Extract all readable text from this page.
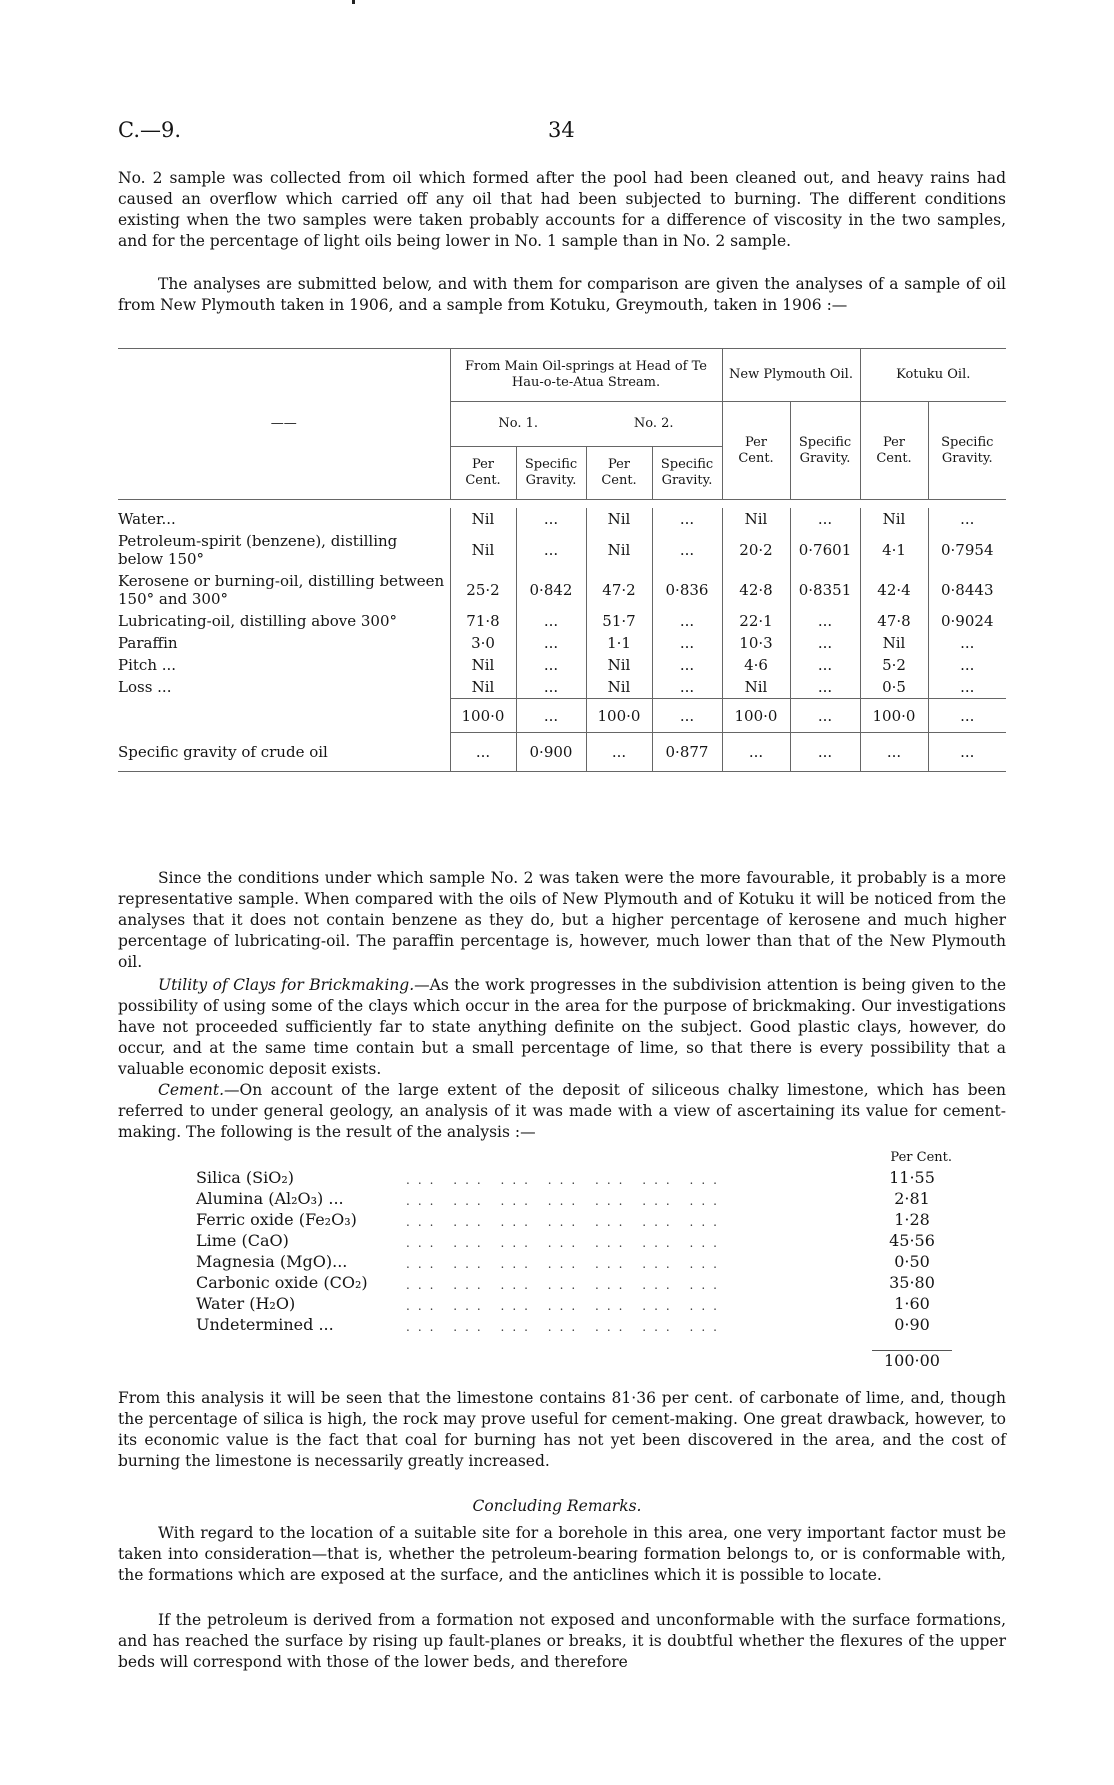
C.—9.	34

No. 2 sample was collected from oil which formed after the pool had been cleaned out, and heavy rains had caused an overflow which carried off any oil that had been subjected to burning. The different conditions existing when the two samples were taken probably accounts for a difference of viscosity in the two samples, and for the percentage of light oils being lower in No. 1 sample than in No. 2 sample.

The analyses are submitted below, and with them for comparison are given the analyses of a sample of oil from New Plymouth taken in 1906, and a sample from Kotuku, Greymouth, taken in 1906 :—

——	From Main Oil-springs at Head of Te Hau-o-te-Atua Stream.				New Plymouth Oil.		Kotuku Oil.	
	No. 1.		No. 2.		Per Cent.	Specific Gravity.	Per Cent.	Specific Gravity.
	Per Cent.	Specific Gravity.	Per Cent.	Specific Gravity.				

Water...	Nil	...	Nil	...	Nil	...	Nil	...
Petroleum-spirit (benzene), distilling below 150°	Nil	...	Nil	...	20·2	0·7601	4·1	0·7954
Kerosene or burning-oil, distilling between 150° and 300°	25·2	0·842	47·2	0·836	42·8	0·8351	42·4	0·8443
Lubricating-oil, distilling above 300°	71·8	...	51·7	...	22·1	...	47·8	0·9024
Paraffin	3·0	...	1·1	...	10·3	...	Nil	...
Pitch ...	Nil	...	Nil	...	4·6	...	5·2	...
Loss ...	Nil	...	Nil	...	Nil	...	0·5	...
	100·0	...	100·0	...	100·0	...	100·0	...
Specific gravity of crude oil	...	0·900	...	0·877	...	...	...	...

Since the conditions under which sample No. 2 was taken were the more favourable, it probably is a more representative sample. When compared with the oils of New Plymouth and of Kotuku it will be noticed from the analyses that it does not contain benzene as they do, but a higher percentage of kerosene and much higher percentage of lubricating-oil. The paraffin percentage is, however, much lower than that of the New Plymouth oil.

Utility of Clays for Brickmaking.—As the work progresses in the subdivision attention is being given to the possibility of using some of the clays which occur in the area for the purpose of brickmaking. Our investigations have not proceeded sufficiently far to state anything definite on the subject. Good plastic clays, however, do occur, and at the same time contain but a small percentage of lime, so that there is every possibility that a valuable economic deposit exists.

Cement.—On account of the large extent of the deposit of siliceous chalky limestone, which has been referred to under general geology, an analysis of it was made with a view of ascertaining its value for cement-making. The following is the result of the analysis :—

Per Cent.
Silica (SiO₂)	... ... ... ... ... ... ...	11·55
Alumina (Al₂O₃) ...	... ... ... ... ... ... ...	2·81
Ferric oxide (Fe₂O₃)	... ... ... ... ... ... ...	1·28
Lime (CaO)	... ... ... ... ... ... ...	45·56
Magnesia (MgO)...	... ... ... ... ... ... ...	0·50
Carbonic oxide (CO₂)	... ... ... ... ... ... ...	35·80
Water (H₂O)	... ... ... ... ... ... ...	1·60
Undetermined ...	... ... ... ... ... ... ...	0·90
100·00

From this analysis it will be seen that the limestone contains 81·36 per cent. of carbonate of lime, and, though the percentage of silica is high, the rock may prove useful for cement-making. One great drawback, however, to its economic value is the fact that coal for burning has not yet been discovered in the area, and the cost of burning the limestone is necessarily greatly increased.

Concluding Remarks.

With regard to the location of a suitable site for a borehole in this area, one very important factor must be taken into consideration—that is, whether the petroleum-bearing formation belongs to, or is conformable with, the formations which are exposed at the surface, and the anticlines which it is possible to locate.

If the petroleum is derived from a formation not exposed and unconformable with the surface formations, and has reached the surface by rising up fault-planes or breaks, it is doubtful whether the flexures of the upper beds will correspond with those of the lower beds, and therefore
